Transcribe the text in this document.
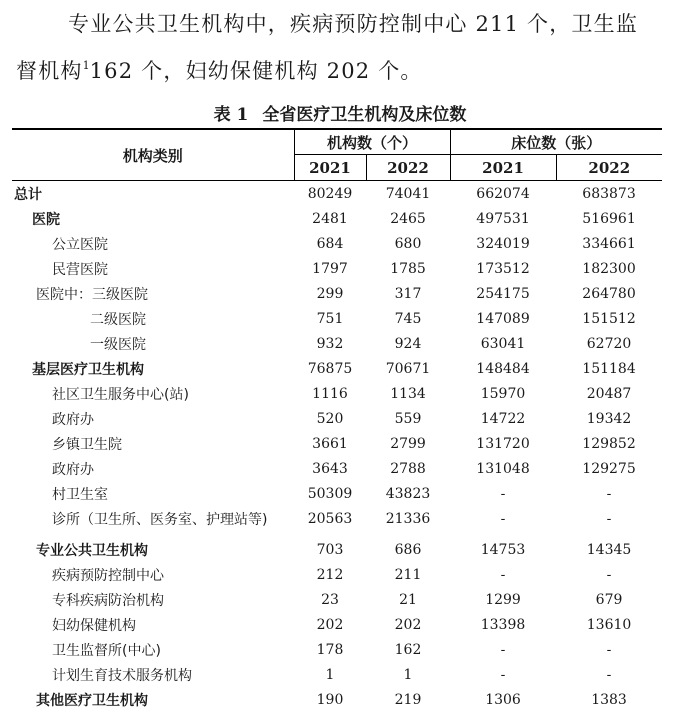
专业公共卫生机构中，疾病预防控制中心 211 个，卫生监
督机构$^1$162 个，妇幼保健机构 202 个。
表 1 全省医疗卫生机构及床位数
机构类别	机构数（个）		床位数（张）	
	2021	2022	2021	2022
总计	80249	74041	662074	683873
医院	2481	2465	497531	516961
公立医院	684	680	324019	334661
民营医院	1797	1785	173512	182300
医院中：三级医院	299	317	254175	264780
二级医院	751	745	147089	151512
一级医院	932	924	63041	62720
基层医疗卫生机构	76875	70671	148484	151184
社区卫生服务中心(站)	1116	1134	15970	20487
政府办	520	559	14722	19342
乡镇卫生院	3661	2799	131720	129852
政府办	3643	2788	131048	129275
村卫生室	50309	43823	-	-
诊所（卫生所、医务室、护理站等)	20563	21336	-	-
专业公共卫生机构	703	686	14753	14345
疾病预防控制中心	212	211	-	-
专科疾病防治机构	23	21	1299	679
妇幼保健机构	202	202	13398	13610
卫生监督所(中心)	178	162	-	-
计划生育技术服务机构	1	1	-	-
其他医疗卫生机构	190	219	1306	1383
